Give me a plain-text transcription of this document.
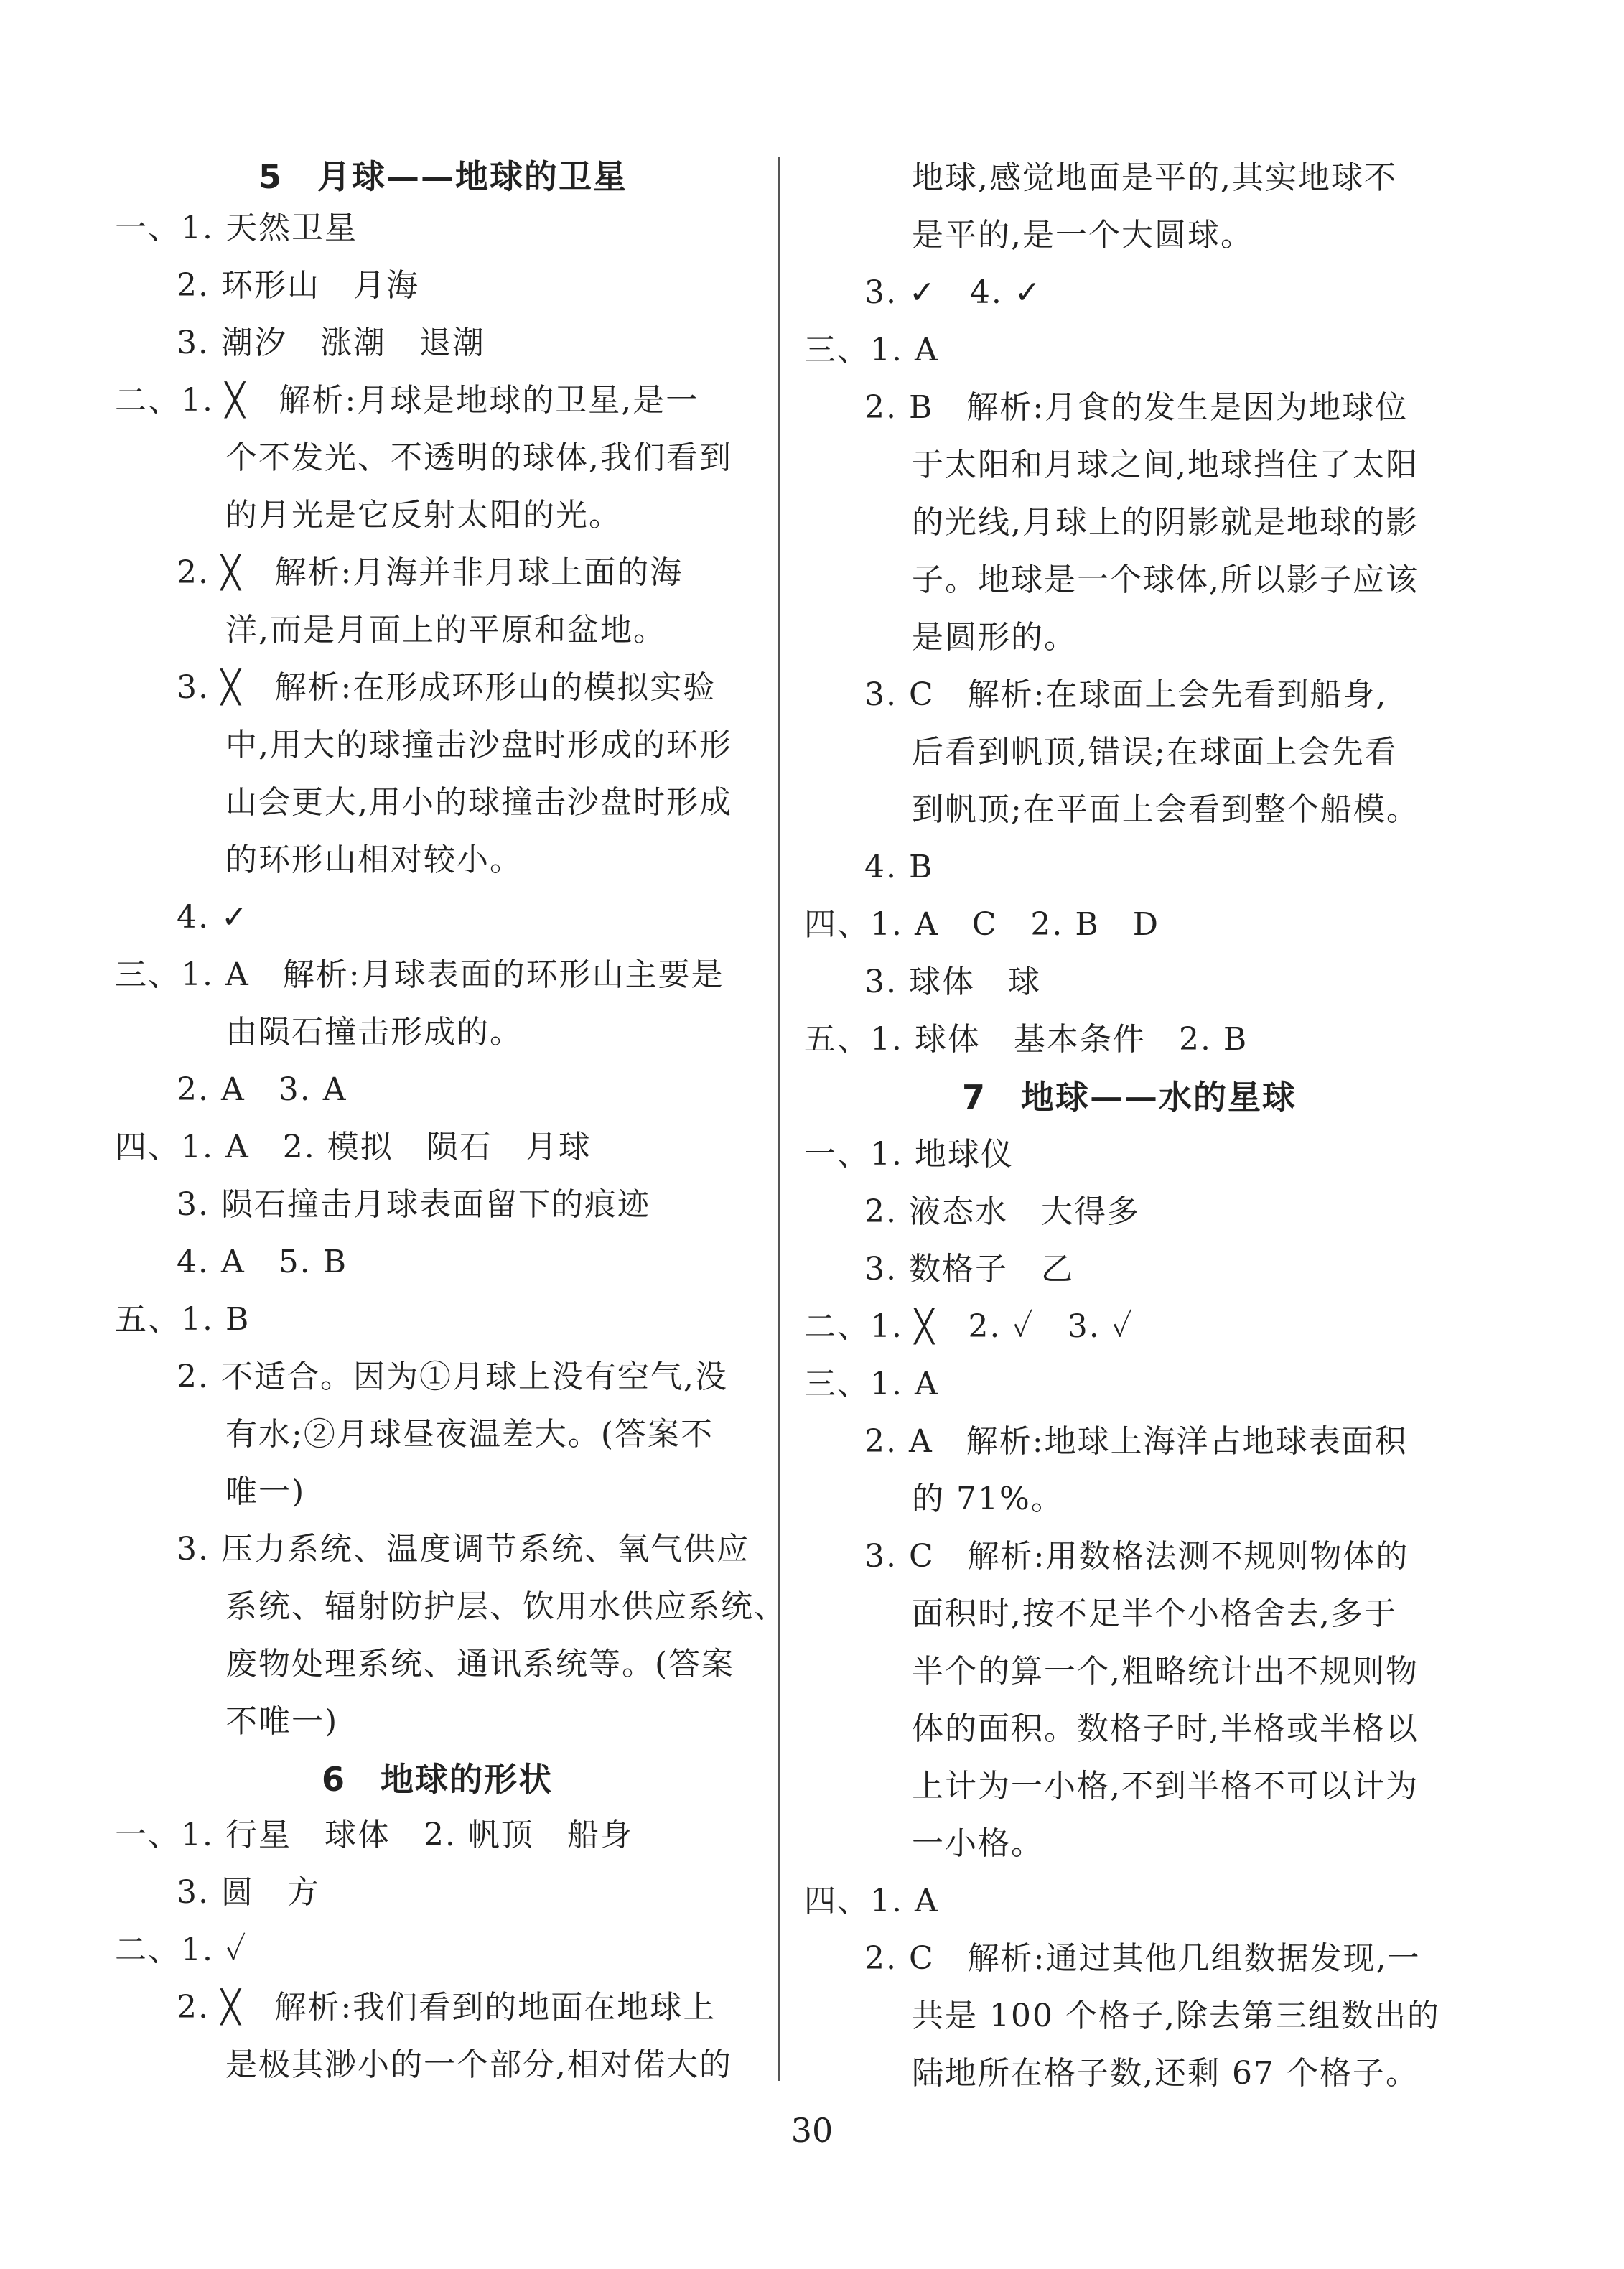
5　月球——地球的卫星
一、1. 天然卫星
2. 环形山　月海
3. 潮汐　涨潮　退潮
二、1. ╳　解析:月球是地球的卫星,是一
个不发光、不透明的球体,我们看到
的月光是它反射太阳的光。
2. ╳　解析:月海并非月球上面的海
洋,而是月面上的平原和盆地。
3. ╳　解析:在形成环形山的模拟实验
中,用大的球撞击沙盘时形成的环形
山会更大,用小的球撞击沙盘时形成
的环形山相对较小。
4. ✓
三、1. A　解析:月球表面的环形山主要是
由陨石撞击形成的。
2. A　3. A
四、1. A　2. 模拟　陨石　月球
3. 陨石撞击月球表面留下的痕迹
4. A　5. B
五、1. B
2. 不适合。因为①月球上没有空气,没
有水;②月球昼夜温差大。(答案不
唯一)
3. 压力系统、温度调节系统、氧气供应
系统、辐射防护层、饮用水供应系统、
废物处理系统、通讯系统等。(答案
不唯一)
6　地球的形状
一、1. 行星　球体　2. 帆顶　船身
3. 圆　方
二、1. ✓
2. ╳　解析:我们看到的地面在地球上
是极其渺小的一个部分,相对偌大的
地球,感觉地面是平的,其实地球不
是平的,是一个大圆球。
3. ✓　4. ✓
三、1. A
2. B　解析:月食的发生是因为地球位
于太阳和月球之间,地球挡住了太阳
的光线,月球上的阴影就是地球的影
子。地球是一个球体,所以影子应该
是圆形的。
3. C　解析:在球面上会先看到船身,
后看到帆顶,错误;在球面上会先看
到帆顶;在平面上会看到整个船模。
4. B
四、1. A　C　2. B　D
3. 球体　球
五、1. 球体　基本条件　2. B
7　地球——水的星球
一、1. 地球仪
2. 液态水　大得多
3. 数格子　乙
二、1. ╳　2. ✓　3. ✓
三、1. A
2. A　解析:地球上海洋占地球表面积
的 71%。
3. C　解析:用数格法测不规则物体的
面积时,按不足半个小格舍去,多于
半个的算一个,粗略统计出不规则物
体的面积。数格子时,半格或半格以
上计为一小格,不到半格不可以计为
一小格。
四、1. A
2. C　解析:通过其他几组数据发现,一
共是 100 个格子,除去第三组数出的
陆地所在格子数,还剩 67 个格子。
30
